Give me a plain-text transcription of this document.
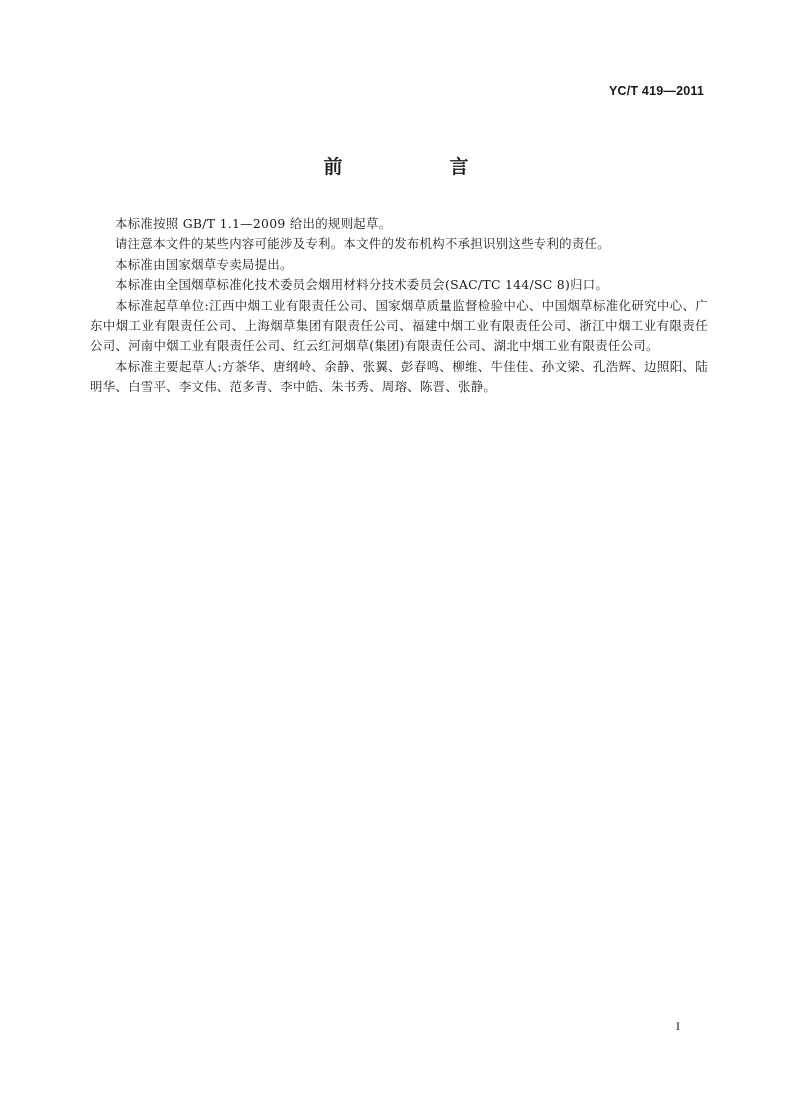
YC/T 419—2011
前　言

本标准按照 GB/T 1.1—2009 给出的规则起草。

请注意本文件的某些内容可能涉及专利。本文件的发布机构不承担识别这些专利的责任。

本标准由国家烟草专卖局提出。

本标准由全国烟草标准化技术委员会烟用材料分技术委员会(SAC/TC 144/SC 8)归口。

本标准起草单位:江西中烟工业有限责任公司、国家烟草质量监督检验中心、中国烟草标准化研究中心、广东中烟工业有限责任公司、上海烟草集团有限责任公司、福建中烟工业有限责任公司、浙江中烟工业有限责任公司、河南中烟工业有限责任公司、红云红河烟草(集团)有限责任公司、湖北中烟工业有限责任公司。

本标准主要起草人:方茶华、唐纲岭、余静、张翼、彭春鸣、柳维、牛佳佳、孙文梁、孔浩辉、边照阳、陆明华、白雪平、李文伟、范多青、李中皓、朱书秀、周瑢、陈晋、张静。

I
